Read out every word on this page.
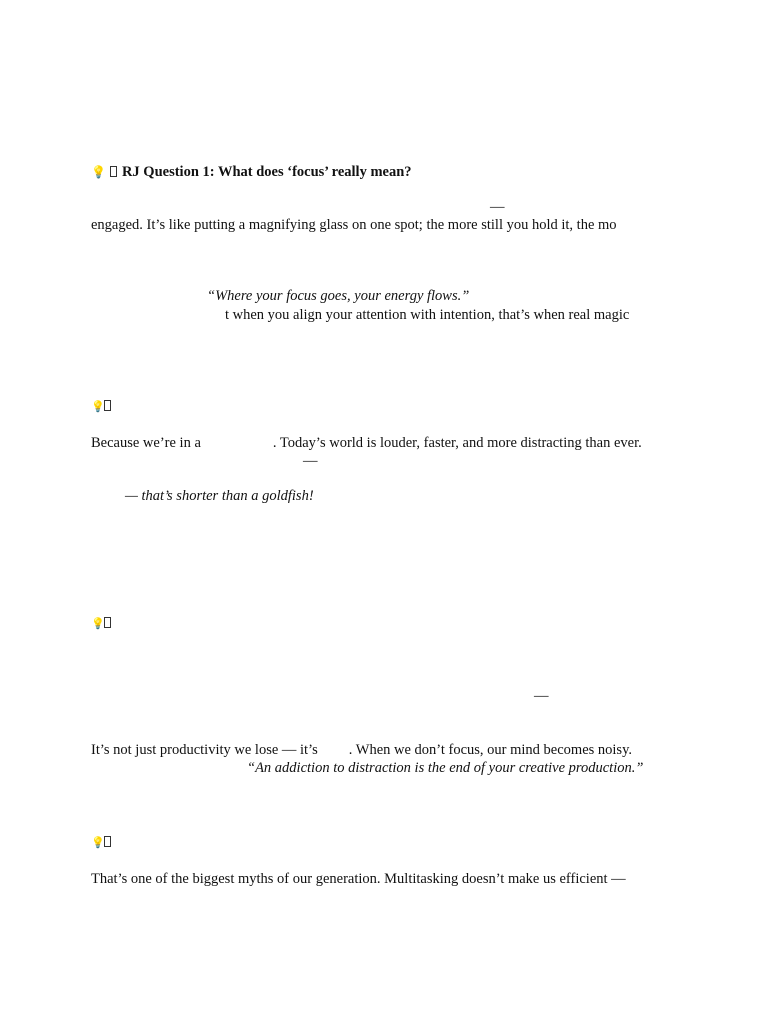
💡 RJ Question 1: What does ‘focus’ really mean?
—

engaged. It’s like putting a magnifying glass on one spot; the more still you hold it, the mo

“Where your focus goes, your energy flows.”

t when you align your attention with intention, that’s when real magic

💡

Because we’re in a	. Today’s world is louder, faster, and more distracting than ever.

—

— that’s shorter than a goldfish!

💡
—

It’s not just productivity we lose — it’s . When we don’t focus, our mind becomes noisy.

“An addiction to distraction is the end of your creative production.”

💡

That’s one of the biggest myths of our generation. Multitasking doesn’t make us efficient —
